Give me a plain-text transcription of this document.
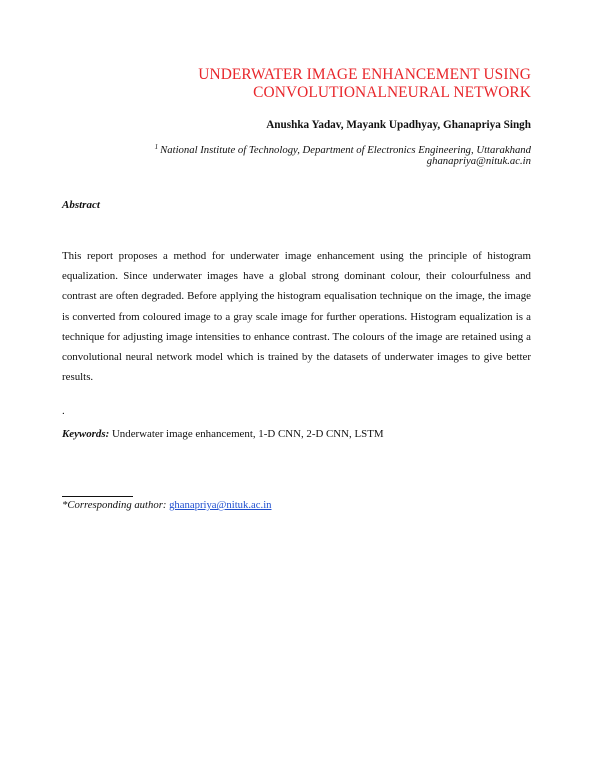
UNDERWATER IMAGE ENHANCEMENT USING
CONVOLUTIONALNEURAL NETWORK
Anushka Yadav, Mayank Upadhyay, Ghanapriya Singh
$^1$ National Institute of Technology, Department of Electronics Engineering, Uttarakhand
ghanapriya@nituk.ac.in
Abstract
This report proposes a method for underwater image enhancement using the principle of histogram equalization. Since underwater images have a global strong dominant colour, their colourfulness and contrast are often degraded. Before applying the histogram equalisation technique on the image, the image is converted from coloured image to a gray scale image for further operations. Histogram equalization is a technique for adjusting image intensities to enhance contrast. The colours of the image are retained using a convolutional neural network model which is trained by the datasets of underwater images to give better results.
.
Keywords: Underwater image enhancement, 1-D CNN, 2-D CNN, LSTM
*Corresponding author: ghanapriya@nituk.ac.in
